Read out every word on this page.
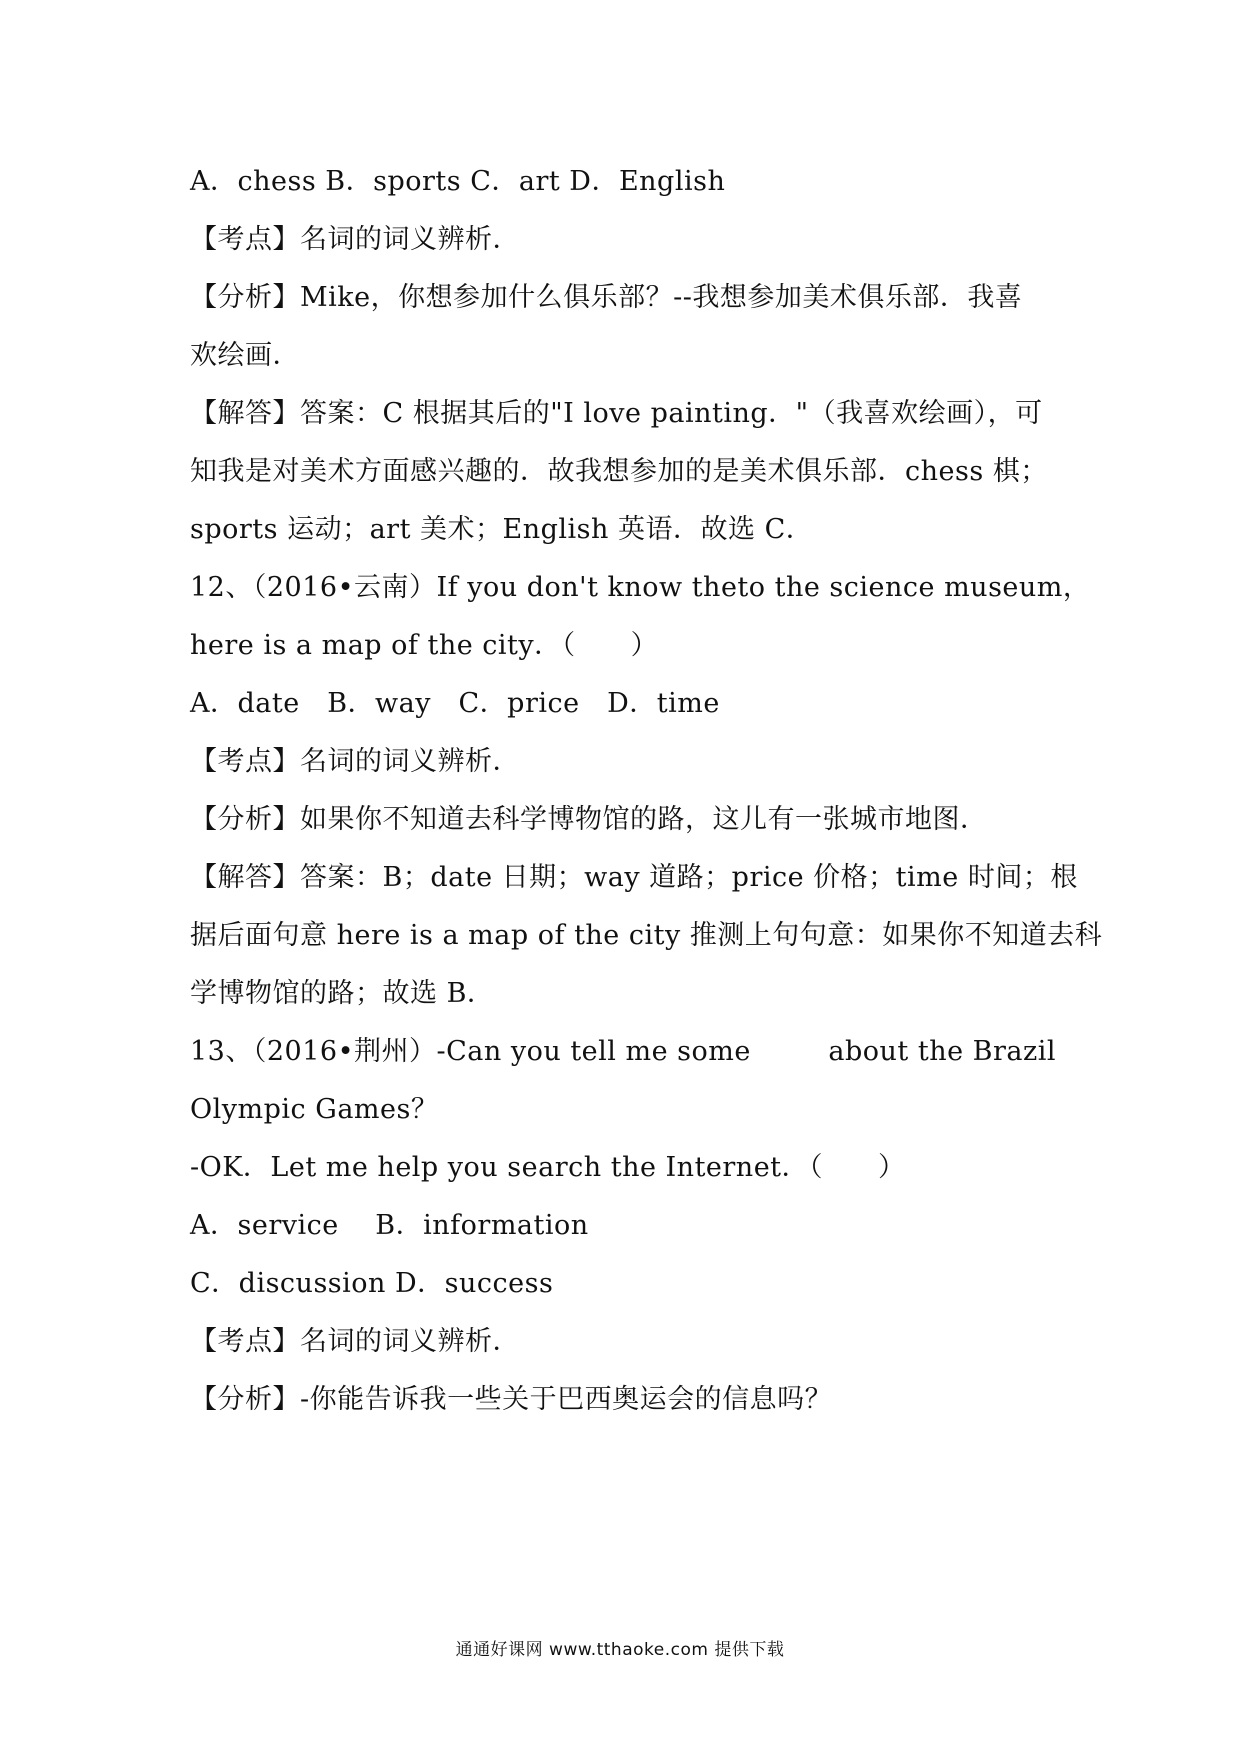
A．chess B．sports C．art D．English
【考点】名词的词义辨析．
【分析】Mike，你想参加什么俱乐部？--我想参加美术俱乐部．我喜
欢绘画．
【解答】答案：C 根据其后的"I love painting．"（我喜欢绘画），可
知我是对美术方面感兴趣的．故我想参加的是美术俱乐部．chess 棋；
sports 运动；art 美术；English 英语．故选 C．
12、（2016•云南）If you don't know the to the science museum，
here is a map of the city．（　　）
A．date　B．way　C．price　D．time
【考点】名词的词义辨析．
【分析】如果你不知道去科学博物馆的路，这儿有一张城市地图．
【解答】答案：B；date 日期；way 道路；price 价格；time 时间；根
据后面句意 here is a map of the city 推测上句句意：如果你不知道去科
学博物馆的路；故选 B．
13、（2016•荆州）-Can you tell me some	about the Brazil
Olympic Games？
-OK．Let me help you search the Internet．（　　）
A．service　 B．information
C．discussion D．success
【考点】名词的词义辨析．
【分析】-你能告诉我一些关于巴西奥运会的信息吗？
通通好课网 www.tthaoke.com 提供下载
